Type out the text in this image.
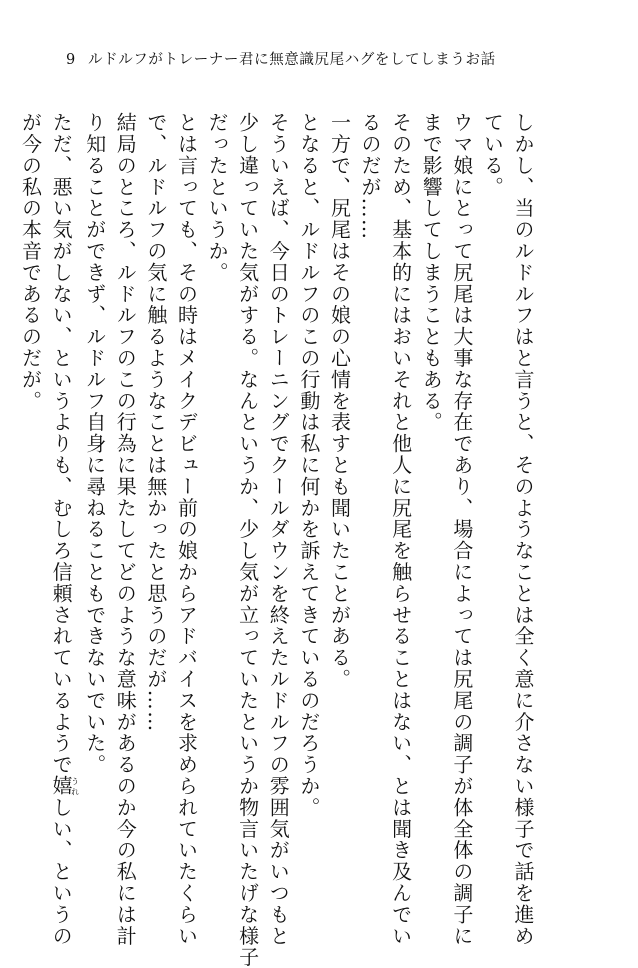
9 ルドルフがトレーナー君に無意識尻尾ハグをしてしまうお話

しかし、当のルドルフはと言うと、そのようなことは全く意に介さない様子で話を進め

ている。

ウマ娘にとって尻尾は大事な存在であり、場合によっては尻尾の調子が体全体の調子に

まで影響してしまうこともある。

そのため、基本的にはおいそれと他人に尻尾を触らせることはない、とは聞き及んでい

るのだが……

一方で、尻尾はその娘の心情を表すとも聞いたことがある。

となると、ルドルフのこの行動は私に何かを訴えてきているのだろうか。

そういえば、今日のトレーニングでクールダウンを終えたルドルフの雰囲気がいつもと

少し違っていた気がする。なんというか、少し気が立っていたというか物言いたげな様子

だったというか。

とは言っても、その時はメイクデビュー前の娘からアドバイスを求められていたくらい

で、ルドルフの気に触るようなことは無かったと思うのだが……

結局のところ、ルドルフのこの行為に果たしてどのような意味があるのか今の私には計

り知ることができず、ルドルフ自身に尋ねることもできないでいた。

ただ、悪い気がしない、というよりも、むしろ信頼されているようで嬉うれしい、というの

が今の私の本音であるのだが。
